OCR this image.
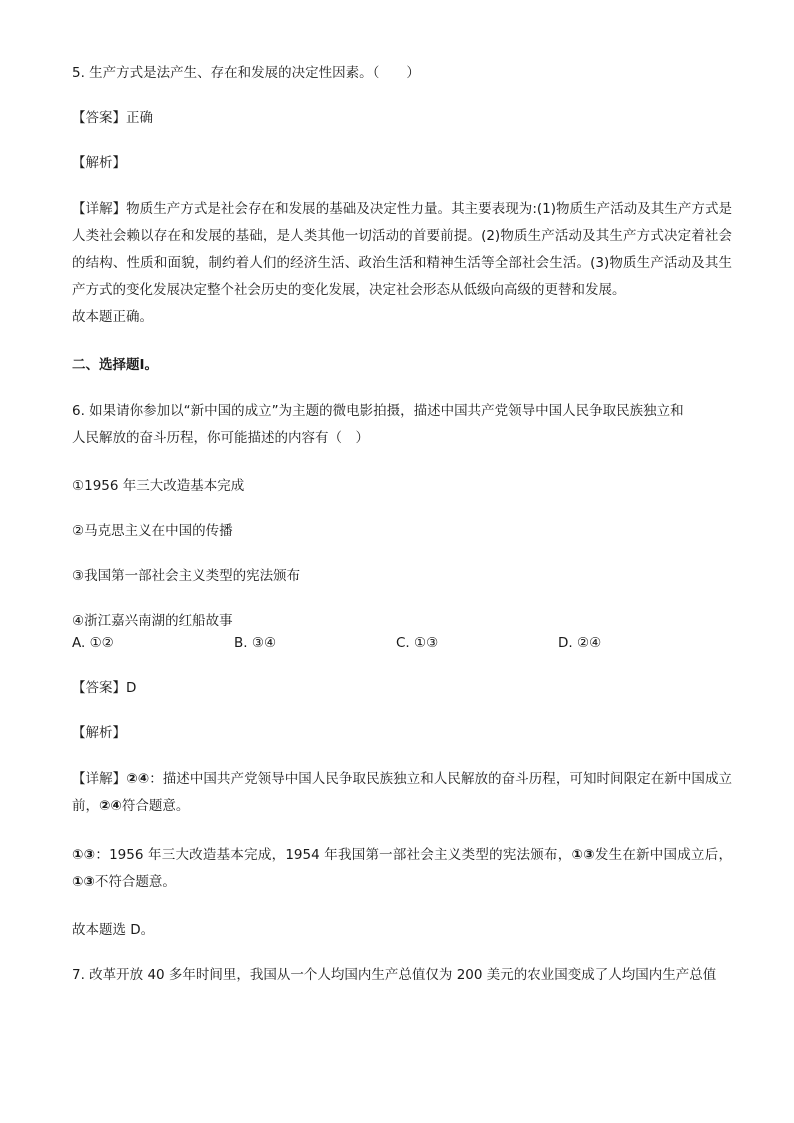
5. 生产方式是法产生、存在和发展的决定性因素。（　　）

【答案】正确

【解析】

【详解】物质生产方式是社会存在和发展的基础及决定性力量。其主要表现为:(1)物质生产活动及其生产方式是人类社会赖以存在和发展的基础，是人类其他一切活动的首要前提。(2)物质生产活动及其生产方式决定着社会的结构、性质和面貌，制约着人们的经济生活、政治生活和精神生活等全部社会生活。(3)物质生产活动及其生产方式的变化发展决定整个社会历史的变化发展，决定社会形态从低级向高级的更替和发展。

故本题正确。

二、选择题Ⅰ。

6. 如果请你参加以“新中国的成立”为主题的微电影拍摄，描述中国共产党领导中国人民争取民族独立和
人民解放的奋斗历程，你可能描述的内容有（　）

①1956 年三大改造基本完成

②马克思主义在中国的传播

③我国第一部社会主义类型的宪法颁布

④浙江嘉兴南湖的红船故事

A. ①②	B. ③④	C. ①③	D. ②④

【答案】D

【解析】

【详解】②④：描述中国共产党领导中国人民争取民族独立和人民解放的奋斗历程，可知时间限定在新中国成立前，②④符合题意。

①③：1956 年三大改造基本完成，1954 年我国第一部社会主义类型的宪法颁布，①③发生在新中国成立后，①③不符合题意。

故本题选 D。

7. 改革开放 40 多年时间里，我国从一个人均国内生产总值仅为 200 美元的农业国变成了人均国内生产总值
